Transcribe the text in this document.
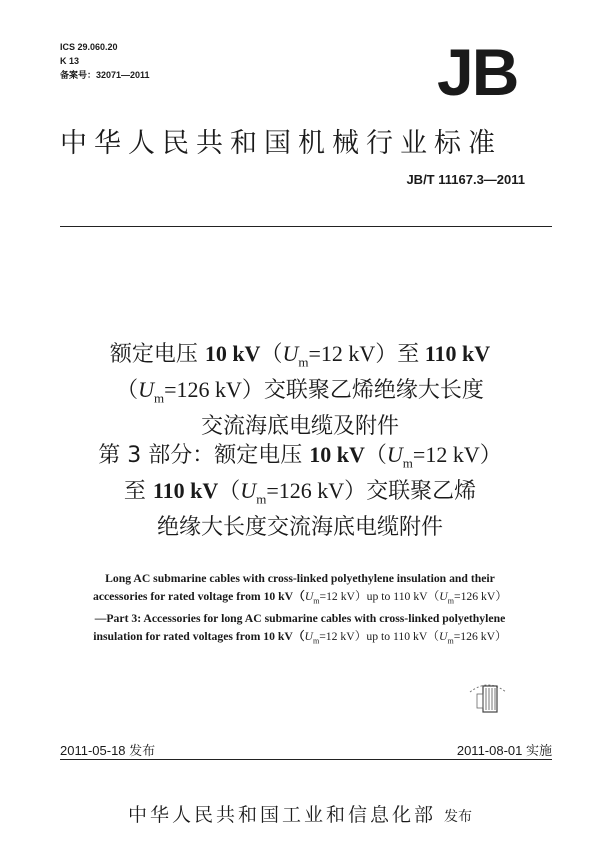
ICS 29.060.20
K 13
备案号：32071—2011	JB
中华人民共和国机械行业标准
JB/T 11167.3—2011
额定电压 10 $kV(U_m=12$ kV）至 110 kV
（$U_m=126$ kV）交联聚乙烯绝缘大长度
交流海底电缆及附件
第 3 部分：额定电压 10 $kV(U_m=12$ kV）
至 110 $kV(U_m=126$ kV）交联聚乙烯
绝缘大长度交流海底电缆附件
Long AC submarine cables with cross-linked polyethylene insulation and their
accessories for rated voltage from 10 $kV(U_m=12$ kV）up to 110 $kV(U_m=126$ kV）
—Part 3: Accessories for long AC submarine cables with cross-linked polyethylene
insulation for rated voltages from 10 $kV(U_m=12$ kV）up to 110 $kV(U_m=126$ kV）
2011-05-18 发布	2011-08-01 实施
中华人民共和国工业和信息化部 发布
